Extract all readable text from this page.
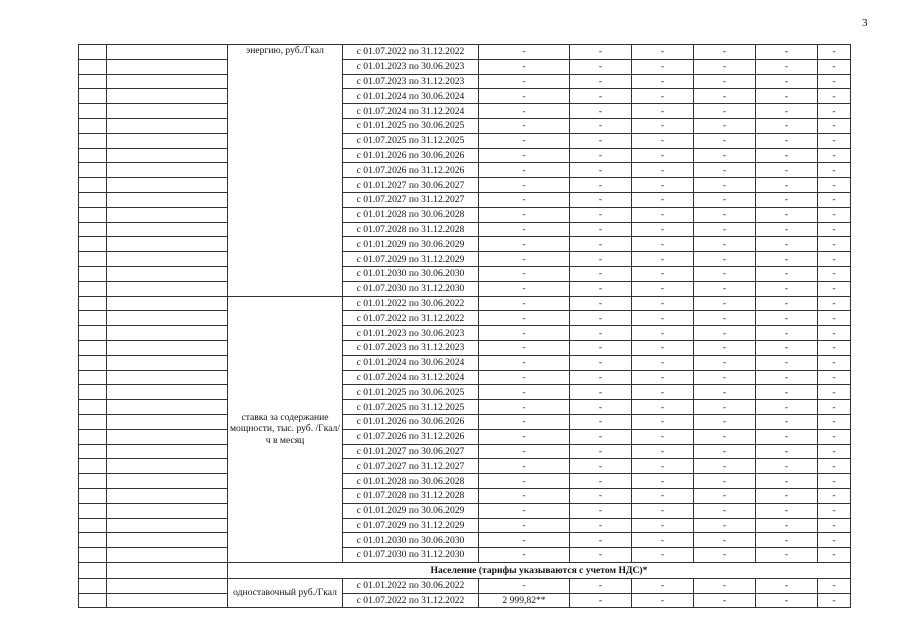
3
		энергию, руб./Гкал	с 01.07.2022 по 31.12.2022	-	-	-	-	-	-
			с 01.01.2023 по 30.06.2023	-	-	-	-	-	-
			с 01.07.2023 по 31.12.2023	-	-	-	-	-	-
			с 01.01.2024 по 30.06.2024	-	-	-	-	-	-
			с 01.07.2024 по 31.12.2024	-	-	-	-	-	-
			с 01.01.2025 по 30.06.2025	-	-	-	-	-	-
			с 01.07.2025 по 31.12.2025	-	-	-	-	-	-
			с 01.01.2026 по 30.06.2026	-	-	-	-	-	-
			с 01.07.2026 по 31.12.2026	-	-	-	-	-	-
			с 01.01.2027 по 30.06.2027	-	-	-	-	-	-
			с 01.07.2027 по 31.12.2027	-	-	-	-	-	-
			с 01.01.2028 по 30.06.2028	-	-	-	-	-	-
			с 01.07.2028 по 31.12.2028	-	-	-	-	-	-
			с 01.01.2029 по 30.06.2029	-	-	-	-	-	-
			с 01.07.2029 по 31.12.2029	-	-	-	-	-	-
			с 01.01.2030 по 30.06.2030	-	-	-	-	-	-
			с 01.07.2030 по 31.12.2030	-	-	-	-	-	-
		ставка за содержание мощности, тыс. руб. /Гкал/ч в месяц	с 01.01.2022 по 30.06.2022	-	-	-	-	-	-
			с 01.07.2022 по 31.12.2022	-	-	-	-	-	-
			с 01.01.2023 по 30.06.2023	-	-	-	-	-	-
			с 01.07.2023 по 31.12.2023	-	-	-	-	-	-
			с 01.01.2024 по 30.06.2024	-	-	-	-	-	-
			с 01.07.2024 по 31.12.2024	-	-	-	-	-	-
			с 01.01.2025 по 30.06.2025	-	-	-	-	-	-
			с 01.07.2025 по 31.12.2025	-	-	-	-	-	-
			с 01.01.2026 по 30.06.2026	-	-	-	-	-	-
			с 01.07.2026 по 31.12.2026	-	-	-	-	-	-
			с 01.01.2027 по 30.06.2027	-	-	-	-	-	-
			с 01.07.2027 по 31.12.2027	-	-	-	-	-	-
			с 01.01.2028 по 30.06.2028	-	-	-	-	-	-
			с 01.07.2028 по 31.12.2028	-	-	-	-	-	-
			с 01.01.2029 по 30.06.2029	-	-	-	-	-	-
			с 01.07.2029 по 31.12.2029	-	-	-	-	-	-
			с 01.01.2030 по 30.06.2030	-	-	-	-	-	-
			с 01.07.2030 по 31.12.2030	-	-	-	-	-	-
		Население (тарифы указываются с учетом НДС)*							
		одноставочный руб./Гкал	с 01.01.2022 по 30.06.2022	-	-	-	-	-	-
			с 01.07.2022 по 31.12.2022	2 999,82**	-	-	-	-	-
